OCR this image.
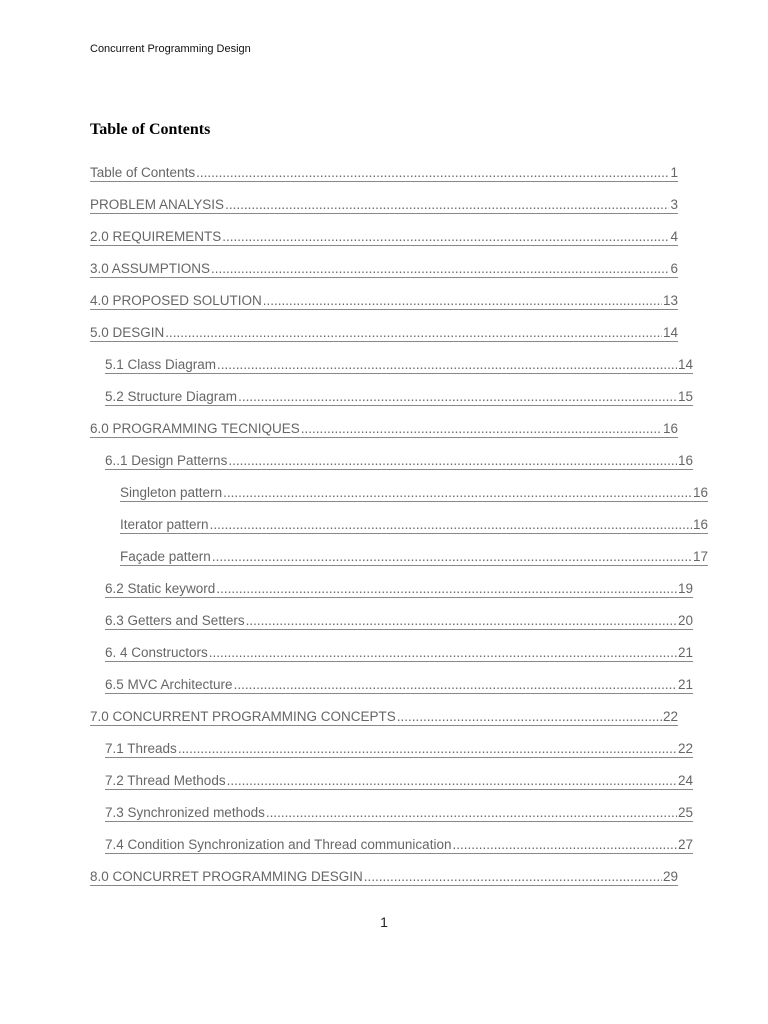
Concurrent Programming Design
Table of Contents
Table of Contents .....	1
PROBLEM ANALYSIS .....	3
2.0 REQUIREMENTS .....	4
3.0 ASSUMPTIONS .....	6
4.0 PROPOSED SOLUTION .....	13
5.0 DESGIN .....	14
5.1 Class Diagram .....	14
5.2 Structure Diagram .....	15
6.0 PROGRAMMING TECNIQUES .....	16
6..1 Design Patterns .....	16
Singleton pattern .....	16
Iterator pattern .....	16
Façade pattern .....	17
6.2 Static keyword .....	19
6.3 Getters and Setters .....	20
6. 4 Constructors .....	21
6.5 MVC Architecture .....	21
7.0 CONCURRENT PROGRAMMING CONCEPTS .....	22
7.1 Threads .....	22
7.2 Thread Methods .....	24
7.3 Synchronized methods .....	25
7.4 Condition Synchronization and Thread communication .....	27
8.0 CONCURRET PROGRAMMING DESGIN .....	29
1
